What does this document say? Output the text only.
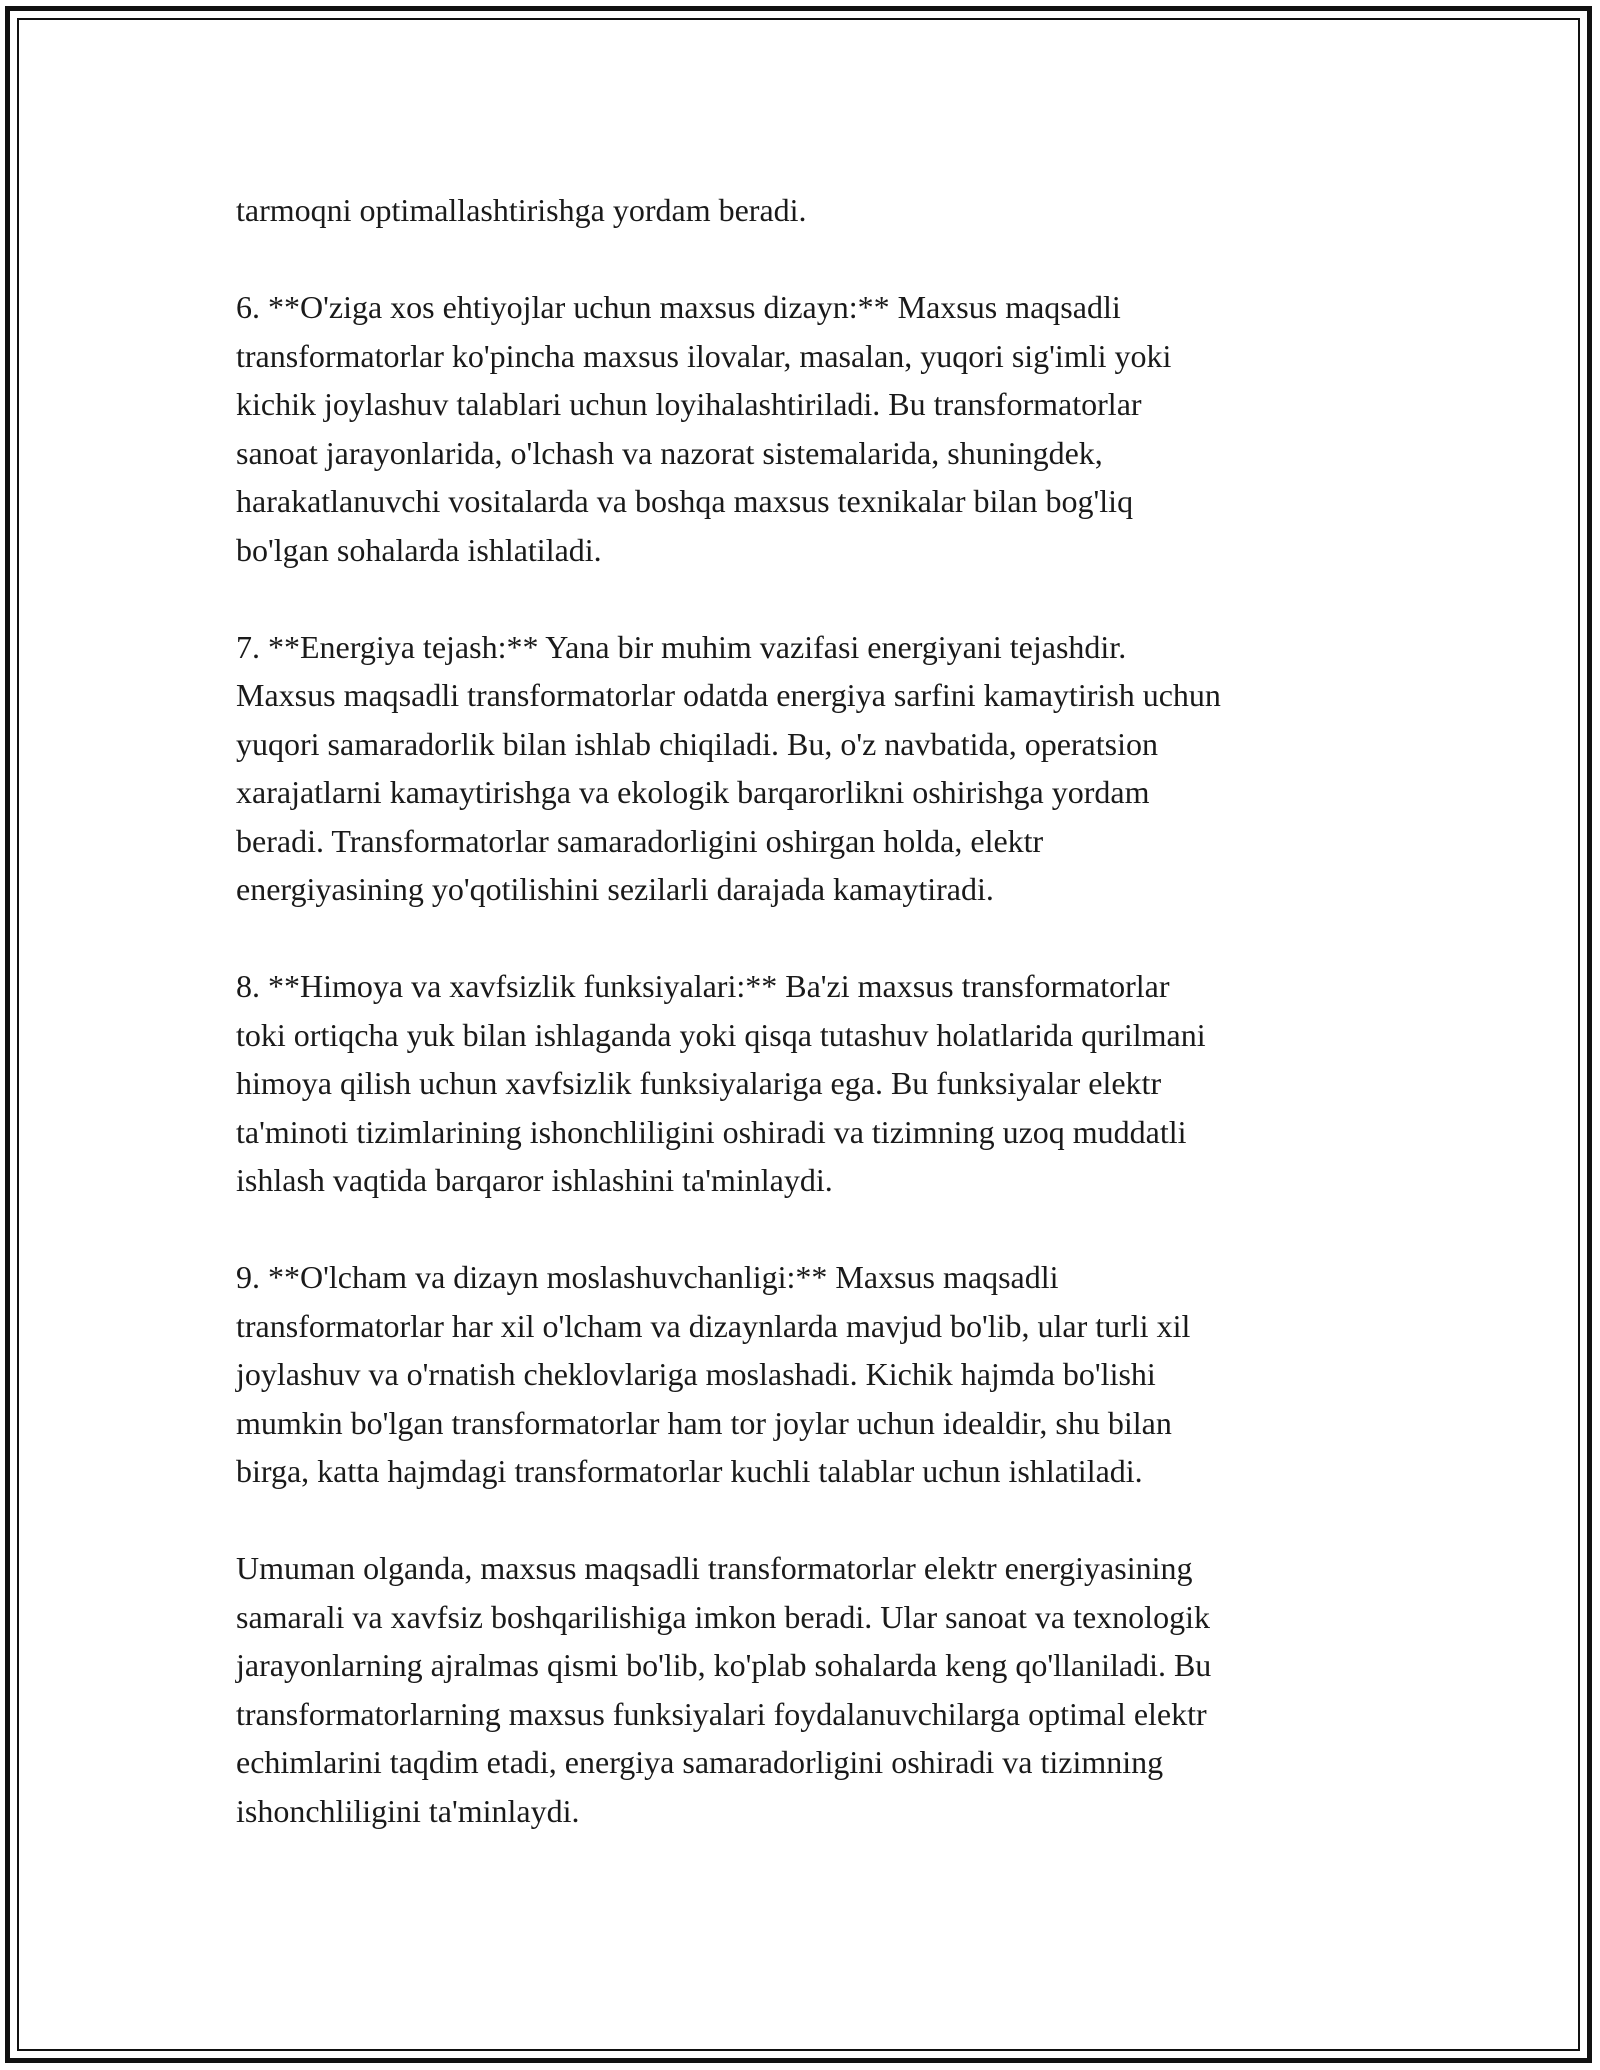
tarmoqni optimallashtirishga yordam beradi.

6. **O'ziga xos ehtiyojlar uchun maxsus dizayn:** Maxsus maqsadli
transformatorlar ko'pincha maxsus ilovalar, masalan, yuqori sig'imli yoki
kichik joylashuv talablari uchun loyihalashtiriladi. Bu transformatorlar
sanoat jarayonlarida, o'lchash va nazorat sistemalarida, shuningdek,
harakatlanuvchi vositalarda va boshqa maxsus texnikalar bilan bog'liq
bo'lgan sohalarda ishlatiladi.

7. **Energiya tejash:** Yana bir muhim vazifasi energiyani tejashdir.
Maxsus maqsadli transformatorlar odatda energiya sarfini kamaytirish uchun
yuqori samaradorlik bilan ishlab chiqiladi. Bu, o'z navbatida, operatsion
xarajatlarni kamaytirishga va ekologik barqarorlikni oshirishga yordam
beradi. Transformatorlar samaradorligini oshirgan holda, elektr
energiyasining yo'qotilishini sezilarli darajada kamaytiradi.

8. **Himoya va xavfsizlik funksiyalari:** Ba'zi maxsus transformatorlar
toki ortiqcha yuk bilan ishlaganda yoki qisqa tutashuv holatlarida qurilmani
himoya qilish uchun xavfsizlik funksiyalariga ega. Bu funksiyalar elektr
ta'minoti tizimlarining ishonchliligini oshiradi va tizimning uzoq muddatli
ishlash vaqtida barqaror ishlashini ta'minlaydi.

9. **O'lcham va dizayn moslashuvchanligi:** Maxsus maqsadli
transformatorlar har xil o'lcham va dizaynlarda mavjud bo'lib, ular turli xil
joylashuv va o'rnatish cheklovlariga moslashadi. Kichik hajmda bo'lishi
mumkin bo'lgan transformatorlar ham tor joylar uchun idealdir, shu bilan
birga, katta hajmdagi transformatorlar kuchli talablar uchun ishlatiladi.

Umuman olganda, maxsus maqsadli transformatorlar elektr energiyasining
samarali va xavfsiz boshqarilishiga imkon beradi. Ular sanoat va texnologik
jarayonlarning ajralmas qismi bo'lib, ko'plab sohalarda keng qo'llaniladi. Bu
transformatorlarning maxsus funksiyalari foydalanuvchilarga optimal elektr
echimlarini taqdim etadi, energiya samaradorligini oshiradi va tizimning
ishonchliligini ta'minlaydi.
